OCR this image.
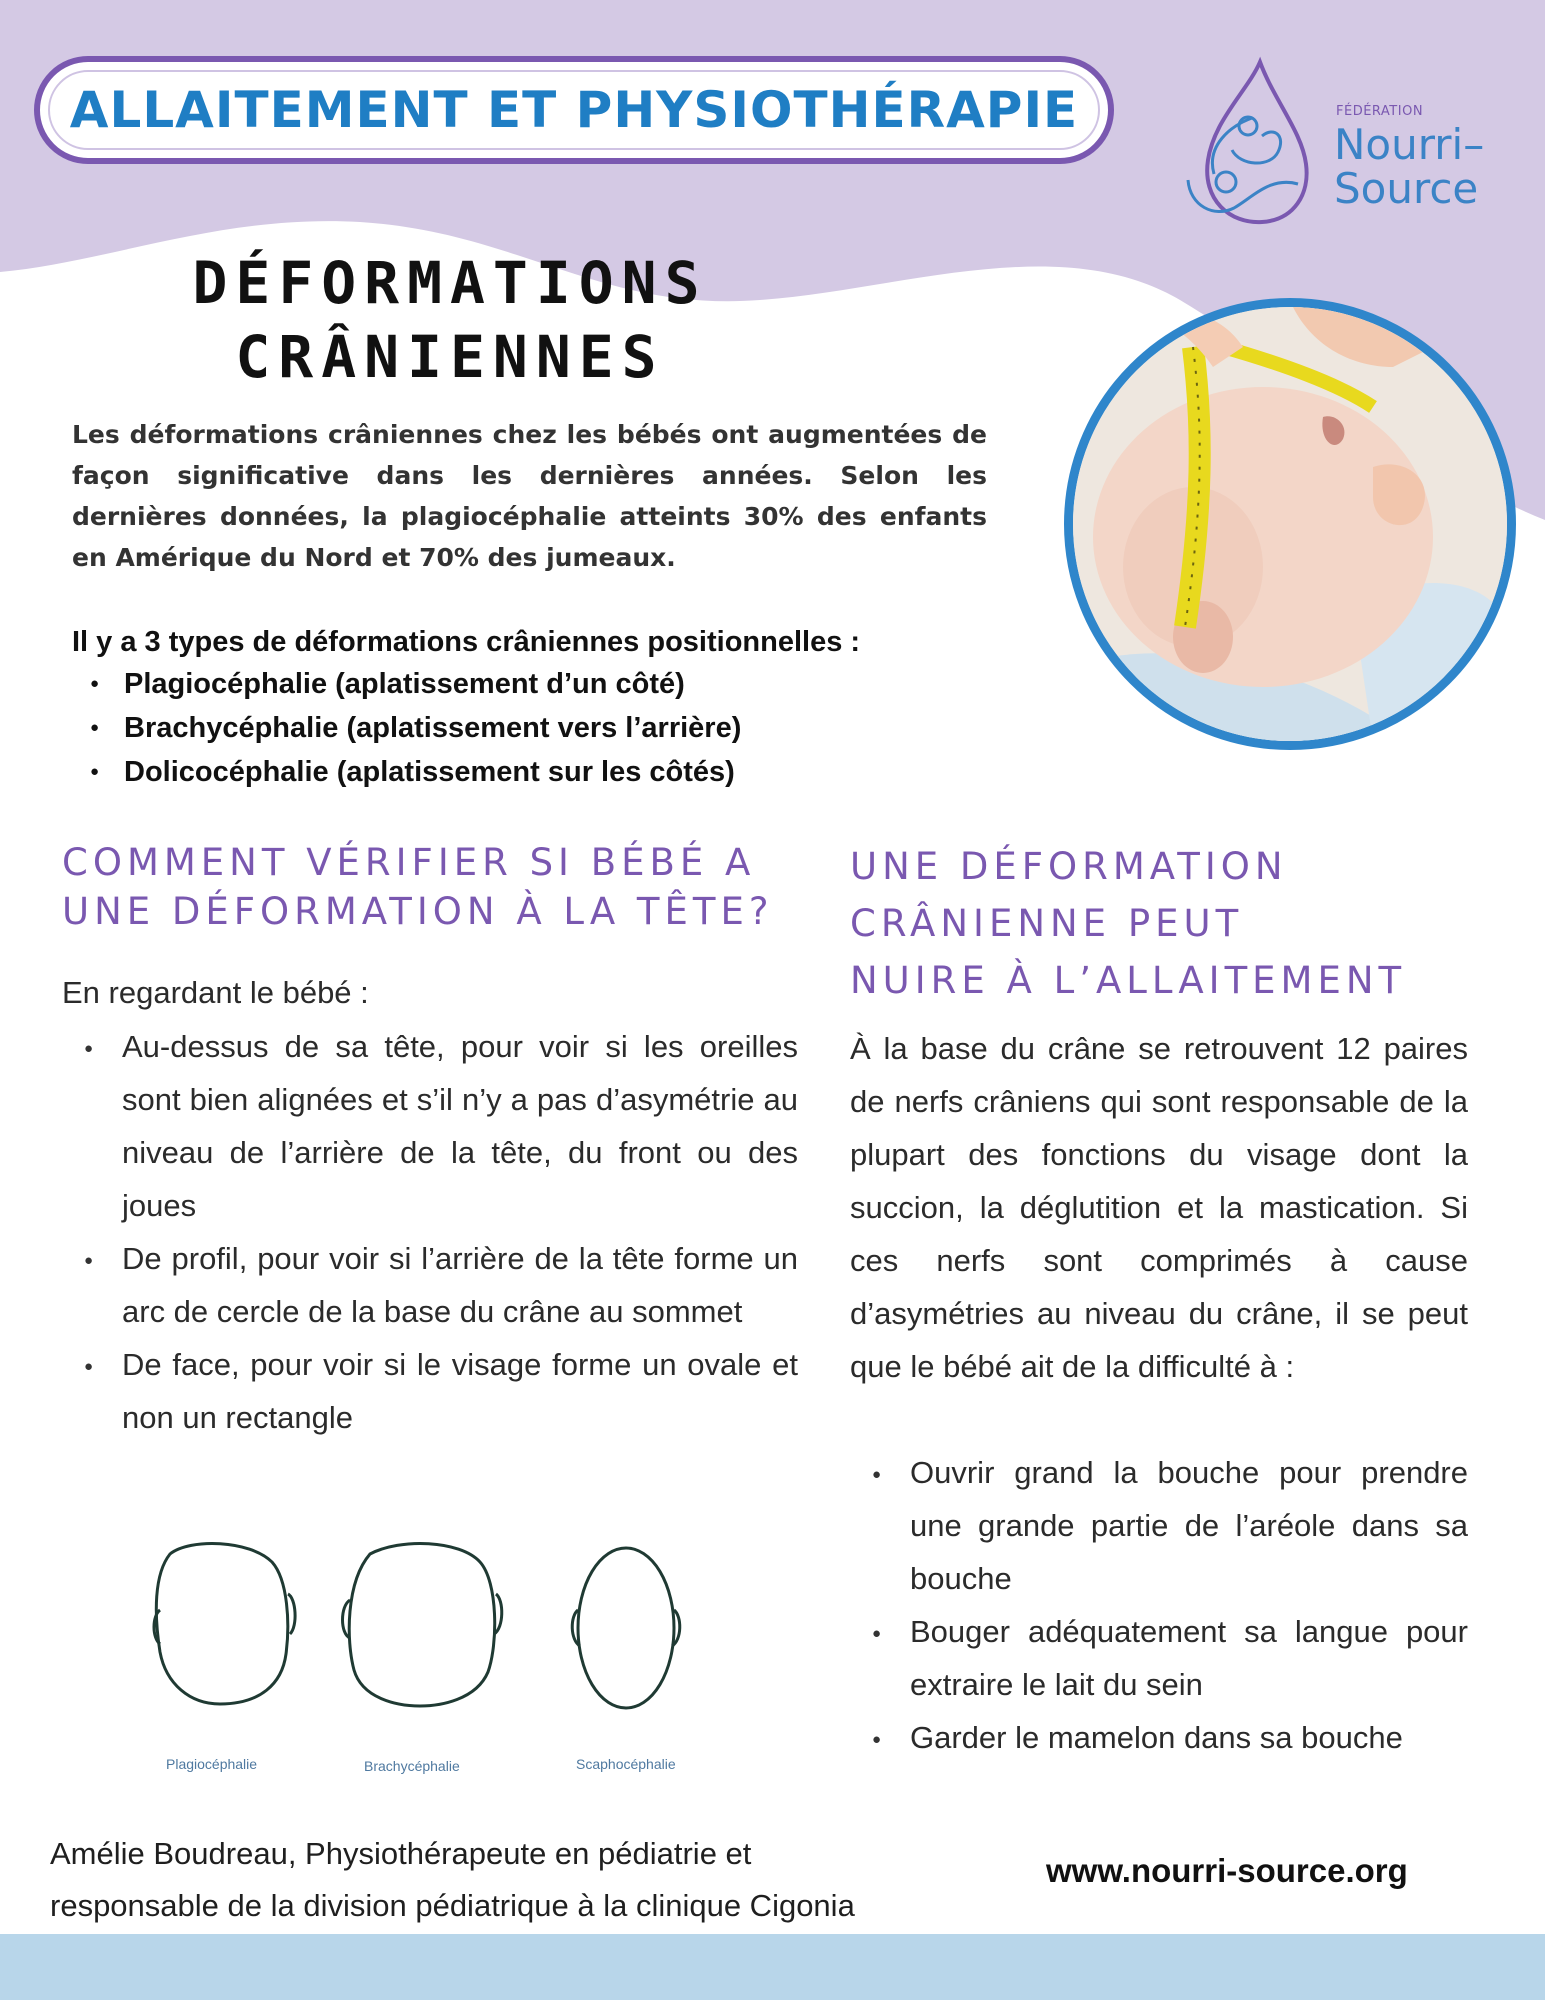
ALLAITEMENT ET PHYSIOTHÉRAPIE	FÉDÉRATION
Nourri–
Source
DÉFORMATIONS
CRÂNIENNES
Les déformations crâniennes chez les bébés ont augmentées de façon significative dans les dernières années. Selon les dernières données, la plagiocéphalie atteints 30% des enfants en Amérique du Nord et 70% des jumeaux.
Il y a 3 types de déformations crâniennes positionnelles :
● Plagiocéphalie (aplatissement d’un côté)
● Brachycéphalie (aplatissement vers l’arrière)
● Dolicocéphalie (aplatissement sur les côtés)
COMMENT VÉRIFIER SI BÉBÉ A
UNE DÉFORMATION À LA TÊTE?
UNE DÉFORMATION
CRÂNIENNE PEUT
NUIRE À L’ALLAITEMENT
En regardant le bébé :
● Au-dessus de sa tête, pour voir si les oreilles sont bien alignées et s’il n’y a pas d’asymétrie au niveau de l’arrière de la tête, du front ou des joues
● De profil, pour voir si l’arrière de la tête forme un arc de cercle de la base du crâne au sommet
● De face, pour voir si le visage forme un ovale et non un rectangle
Plagiocéphalie	Brachycéphalie	Scaphocéphalie
À la base du crâne se retrouvent 12 paires de nerfs crâniens qui sont responsable de la plupart des fonctions du visage dont la succion, la déglutition et la mastication. Si ces nerfs sont comprimés à cause d’asymétries au niveau du crâne, il se peut que le bébé ait de la difficulté à :
● Ouvrir grand la bouche pour prendre une grande partie de l’aréole dans sa bouche
● Bouger adéquatement sa langue pour extraire le lait du sein
● Garder le mamelon dans sa bouche
Amélie Boudreau, Physiothérapeute en pédiatrie et
responsable de la division pédiatrique à la clinique Cigonia
www.nourri-source.org
